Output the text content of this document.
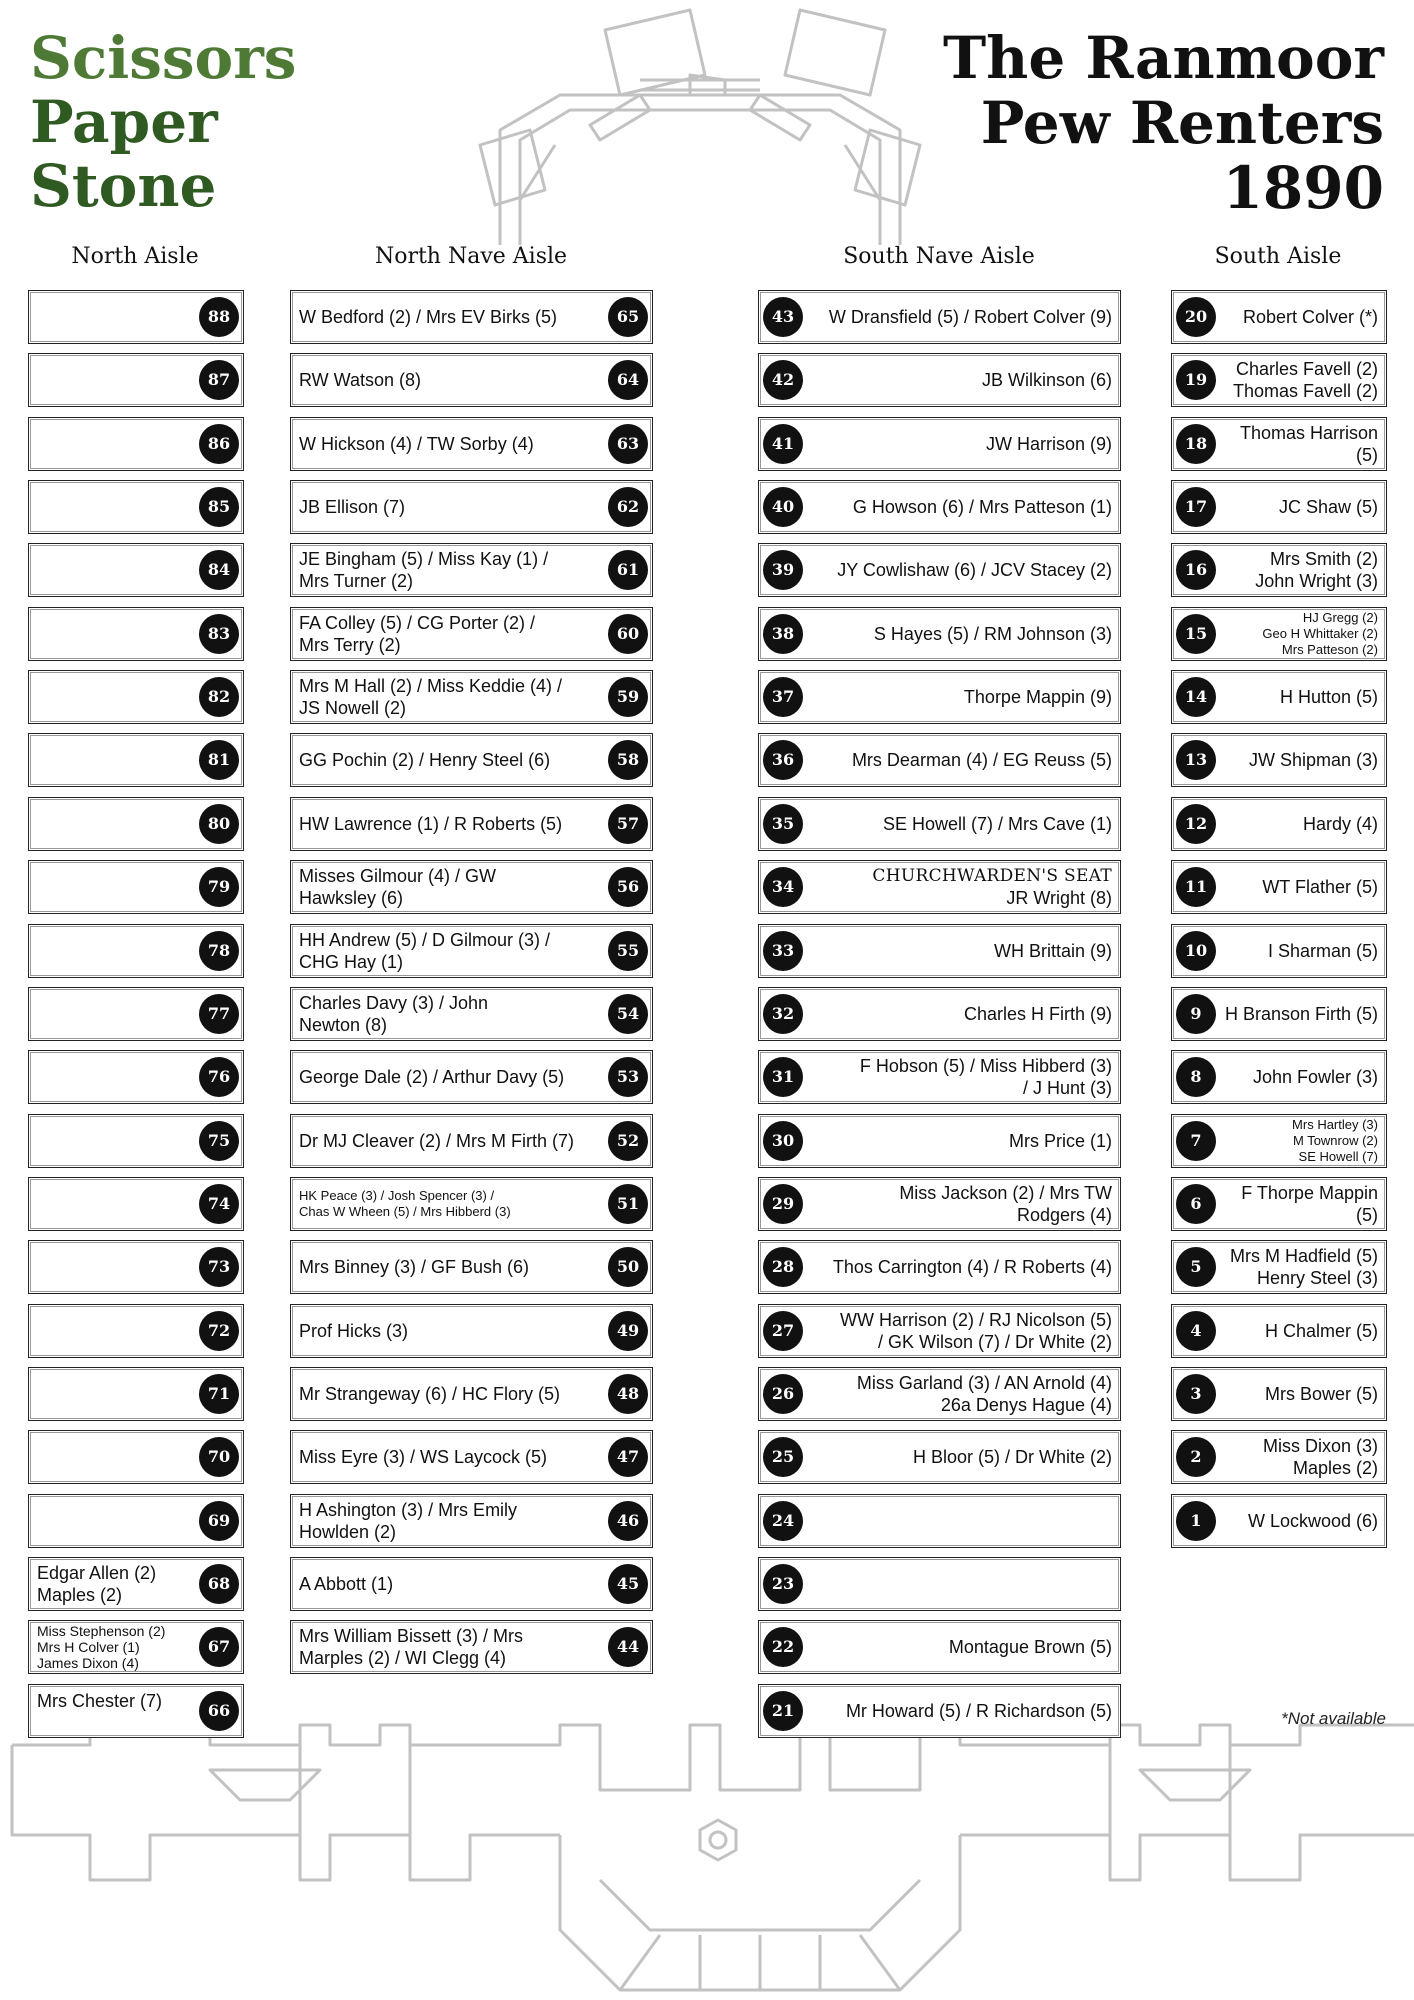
Scissors
Paper
Stone
The Ranmoor
Pew Renters
1890
North Aisle	North Nave Aisle	South Nave Aisle	South Aisle
88
87
86
85
84
83
82
81
80
79
78
77
76
75
74
73
72
71
70
69
Edgar Allen (2)
Maples (2)
68
Miss Stephenson (2)
Mrs H Colver (1)
James Dixon (4)
67
Mrs Chester (7)	66
W Bedford (2) / Mrs EV Birks (5)	65
RW Watson (8)	64
W Hickson (4) / TW Sorby (4)	63
JB Ellison (7)	62
JE Bingham (5) / Miss Kay (1) /
Mrs Turner (2)
61
FA Colley (5) / CG Porter (2) /
Mrs Terry (2)
60
Mrs M Hall (2) / Miss Keddie (4) /
JS Nowell (2)
59
GG Pochin (2) / Henry Steel (6)	58
HW Lawrence (1) / R Roberts (5)	57
Misses Gilmour (4) / GW
Hawksley (6)
56
HH Andrew (5) / D Gilmour (3) /
CHG Hay (1)
55
Charles Davy (3) / John
Newton (8)
54
George Dale (2) / Arthur Davy (5)	53
Dr MJ Cleaver (2) / Mrs M Firth (7)	52
HK Peace (3) / Josh Spencer (3) /
Chas W Wheen (5) / Mrs Hibberd (3)	51
Mrs Binney (3) / GF Bush (6)	50
Prof Hicks (3)	49
Mr Strangeway (6) / HC Flory (5)	48
Miss Eyre (3) / WS Laycock (5)	47
H Ashington (3) / Mrs Emily
Howlden (2)
46
A Abbott (1)	45
Mrs William Bissett (3) / Mrs
Marples (2) / WI Clegg (4)
44
W Dransfield (5) / Robert Colver (9)
43
JB Wilkinson (6)
42
JW Harrison (9)
41
G Howson (6) / Mrs Patteson (1)
40
JY Cowlishaw (6) / JCV Stacey (2)
39
S Hayes (5) / RM Johnson (3)
38
Thorpe Mappin (9)
37
Mrs Dearman (4) / EG Reuss (5)
36
SE Howell (7) / Mrs Cave (1)
35
CHURCHWARDEN'S SEAT
JR Wright (8)
34
WH Brittain (9)
33
Charles H Firth (9)
32
F Hobson (5) / Miss Hibberd (3)
/ J Hunt (3)
31
Mrs Price (1)
30
Miss Jackson (2) / Mrs TW
Rodgers (4)
29
Thos Carrington (4) / R Roberts (4)
28
WW Harrison (2) / RJ Nicolson (5)
/ GK Wilson (7) / Dr White (2)
27
Miss Garland (3) / AN Arnold (4)
26a Denys Hague (4)
26
H Bloor (5) / Dr White (2)
25
24
23
Montague Brown (5)
22
Mr Howard (5) / R Richardson (5)
21
Robert Colver (*)
20
Charles Favell (2)
Thomas Favell (2)
19
Thomas Harrison (5)
18
JC Shaw (5)
17
Mrs Smith (2)
John Wright (3)
16
HJ Gregg (2)
Geo H Whittaker (2)
Mrs Patteson (2)
15
H Hutton (5)
14
JW Shipman (3)
13
Hardy (4)
12
WT Flather (5)
11
I Sharman (5)
10
H Branson Firth (5)
9
John Fowler (3)
8
Mrs Hartley (3)
M Townrow (2)
SE Howell (7)
7
F Thorpe Mappin (5)
6
Mrs M Hadfield (5)
Henry Steel (3)
5
H Chalmer (5)
4
Mrs Bower (5)
3
Miss Dixon (3)
Maples (2)
2
W Lockwood (6)
1
*Not available
